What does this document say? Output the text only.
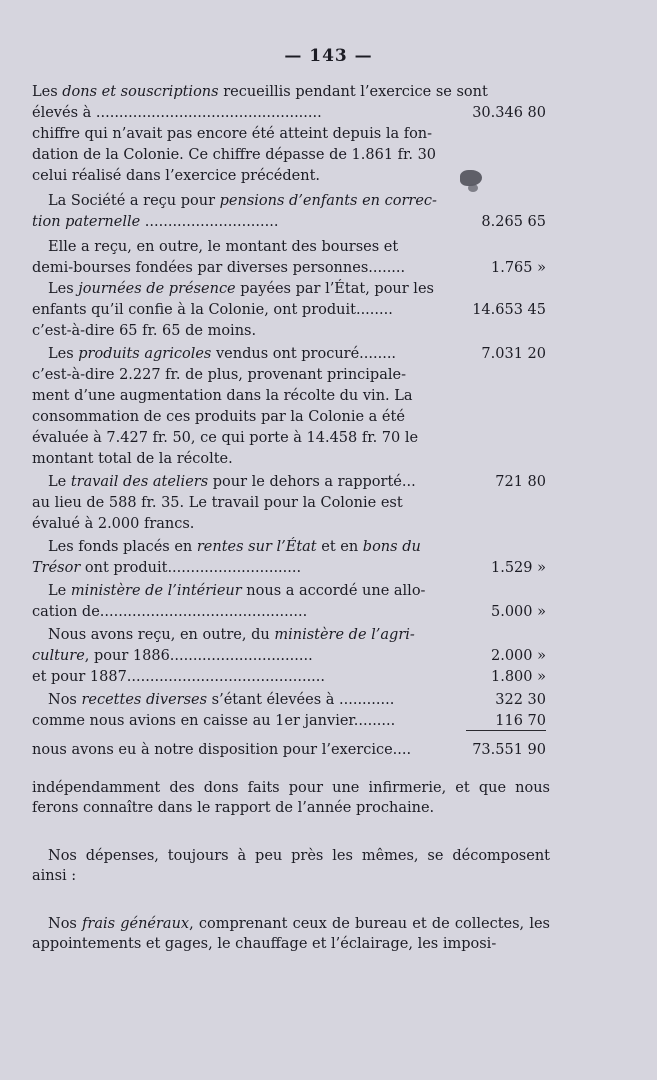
— 143 —
Les dons et souscriptions recueillis pendant l’exercice se sont
élevés à .................................................	30.346 80
chiffre qui n’avait pas encore été atteint depuis la fon-
dation de la Colonie. Ce chiffre dépasse de 1.861 fr. 30
celui réalisé dans l’exercice précédent.
La Société a reçu pour pensions d’enfants en correc-
tion paternelle .............................	8.265 65
Elle a reçu, en outre, le montant des bourses et
demi-bourses fondées par diverses personnes........	1.765 »
Les journées de présence payées par l’État, pour les
enfants qu’il confie à la Colonie, ont produit........	14.653 45
c’est-à-dire 65 fr. 65 de moins.
Les produits agricoles vendus ont procuré........	7.031 20
c’est-à-dire 2.227 fr. de plus, provenant principale-
ment d’une augmentation dans la récolte du vin. La
consommation de ces produits par la Colonie a été
évaluée à 7.427 fr. 50, ce qui porte à 14.458 fr. 70 le
montant total de la récolte.
Le travail des ateliers pour le dehors a rapporté...	721 80
au lieu de 588 fr. 35. Le travail pour la Colonie est
évalué à 2.000 francs.
Les fonds placés en rentes sur l’État et en bons du
Trésor ont produit.............................	1.529 »
Le ministère de l’intérieur nous a accordé une allo-
cation de.............................................	5.000 »
Nous avons reçu, en outre, du ministère de l’agri-
culture, pour 1886...............................	2.000 »
et pour 1887...........................................	1.800 »
Nos recettes diverses s’étant élevées à ............	322 30
comme nous avions en caisse au 1er janvier.........	116 70
nous avons eu à notre disposition pour l’exercice....	73.551 90
indépendamment des dons faits pour une infirmerie, et que nous ferons connaître dans le rapport de l’année prochaine.
Nos dépenses, toujours à peu près les mêmes, se décomposent ainsi :
Nos frais généraux, comprenant ceux de bureau et de collectes, les appointements et gages, le chauffage et l’éclairage, les imposi-
